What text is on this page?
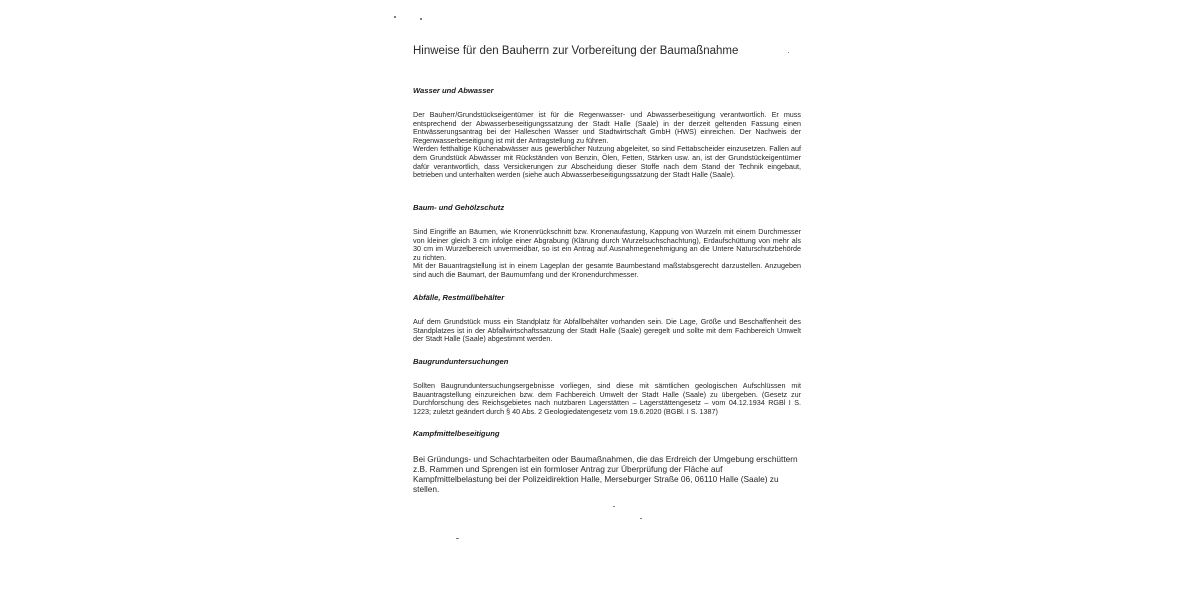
Hinweise für den Bauherrn zur Vorbereitung der Baumaßnahme
Wasser und Abwasser

Der Bauherr/Grundstückseigentümer ist für die Regenwasser- und Abwasserbeseitigung verantwortlich. Er muss entsprechend der Abwasserbeseitigungssatzung der Stadt Halle (Saale) in der derzeit geltenden Fassung einen Entwässerungsantrag bei der Halleschen Wasser und Stadtwirtschaft GmbH (HWS) einreichen. Der Nachweis der Regenwasserbeseitigung ist mit der Antragstellung zu führen.

Werden fetthaltige Küchenabwässer aus gewerblicher Nutzung abgeleitet, so sind Fettabscheider einzusetzen. Fallen auf dem Grundstück Abwässer mit Rückständen von Benzin, Ölen, Fetten, Stärken usw. an, ist der Grundstückeigentümer dafür verantwortlich, dass Versickerungen zur Abscheidung dieser Stoffe nach dem Stand der Technik eingebaut, betrieben und unterhalten werden (siehe auch Abwasserbeseitigungssatzung der Stadt Halle (Saale).

Baum- und Gehölzschutz

Sind Eingriffe an Bäumen, wie Kronenrückschnitt bzw. Kronenaufastung, Kappung von Wurzeln mit einem Durchmesser von kleiner gleich 3 cm infolge einer Abgrabung (Klärung durch Wurzelsuchschachtung), Erdaufschüttung von mehr als 30 cm im Wurzelbereich unvermeidbar, so ist ein Antrag auf Ausnahmegenehmigung an die Untere Naturschutzbehörde zu richten.

Mit der Bauantragstellung ist in einem Lageplan der gesamte Baumbestand maßstabsgerecht darzustellen. Anzugeben sind auch die Baumart, der Baumumfang und der Kronendurchmesser.

Abfälle, Restmüllbehälter

Auf dem Grundstück muss ein Standplatz für Abfallbehälter vorhanden sein. Die Lage, Größe und Beschaffenheit des Standplatzes ist in der Abfallwirtschaftssatzung der Stadt Halle (Saale) geregelt und sollte mit dem Fachbereich Umwelt der Stadt Halle (Saale) abgestimmt werden.

Baugrunduntersuchungen

Sollten Baugrunduntersuchungsergebnisse vorliegen, sind diese mit sämtlichen geologischen Aufschlüssen mit Bauantragstellung einzureichen bzw. dem Fachbereich Umwelt der Stadt Halle (Saale) zu übergeben. (Gesetz zur Durchforschung des Reichsgebietes nach nutzbaren Lagerstätten – Lagerstättengesetz – vom 04.12.1934 RGBl I S. 1223; zuletzt geändert durch § 40 Abs. 2 Geologiedatengesetz vom 19.6.2020 (BGBl. I S. 1387)

Kampfmittelbeseitigung

Bei Gründungs- und Schachtarbeiten oder Baumaßnahmen, die das Erdreich der Umgebung erschüttern z.B. Rammen und Sprengen ist ein formloser Antrag zur Überprüfung der Fläche auf Kampfmittelbelastung bei der Polizeidirektion Halle, Merseburger Straße 06, 06110 Halle (Saale) zu stellen.
